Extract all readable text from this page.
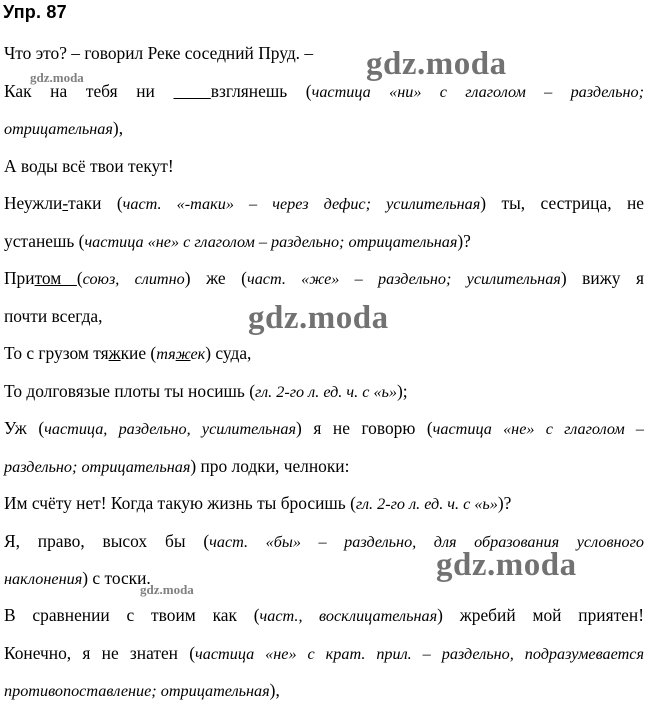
Упр. 87
Что это? – говорил Реке соседний Пруд. –
Как на тебя ни   взглянешь (частица «ни» с глаголом – раздельно;
отрицательная),
А воды всё твои текут!
Неужли-таки (част. «-таки» – через дефис; усилительная) ты, сестрица, не
устанешь (частица «не» с глаголом – раздельно; отрицательная)?
Притом (союз, слитно) же (част. «же» – раздельно; усилительная) вижу я
почти всегда,
То с грузом тяжкие (тяжек) суда,
То долговязые плоты ты носишь (гл. 2-го л. ед. ч. с «ь»);
Уж (частица, раздельно, усилительная) я не говорю (частица «не» с глаголом –
раздельно; отрицательная) про лодки, челноки:
Им счёту нет! Когда такую жизнь ты бросишь (гл. 2-го л. ед. ч. с «ь»)?
Я, право, высох бы (част. «бы» – раздельно, для образования условного
наклонения) с тоски.
В сравнении с твоим как (част., восклицательная) жребий мой приятен!
Конечно, я не знатен (частица «не» с крат. прил. – раздельно, подразумевается
противопоставление; отрицательная),
gdz.moda
gdz.moda
gdz.moda
gdz.moda
gdz.moda
